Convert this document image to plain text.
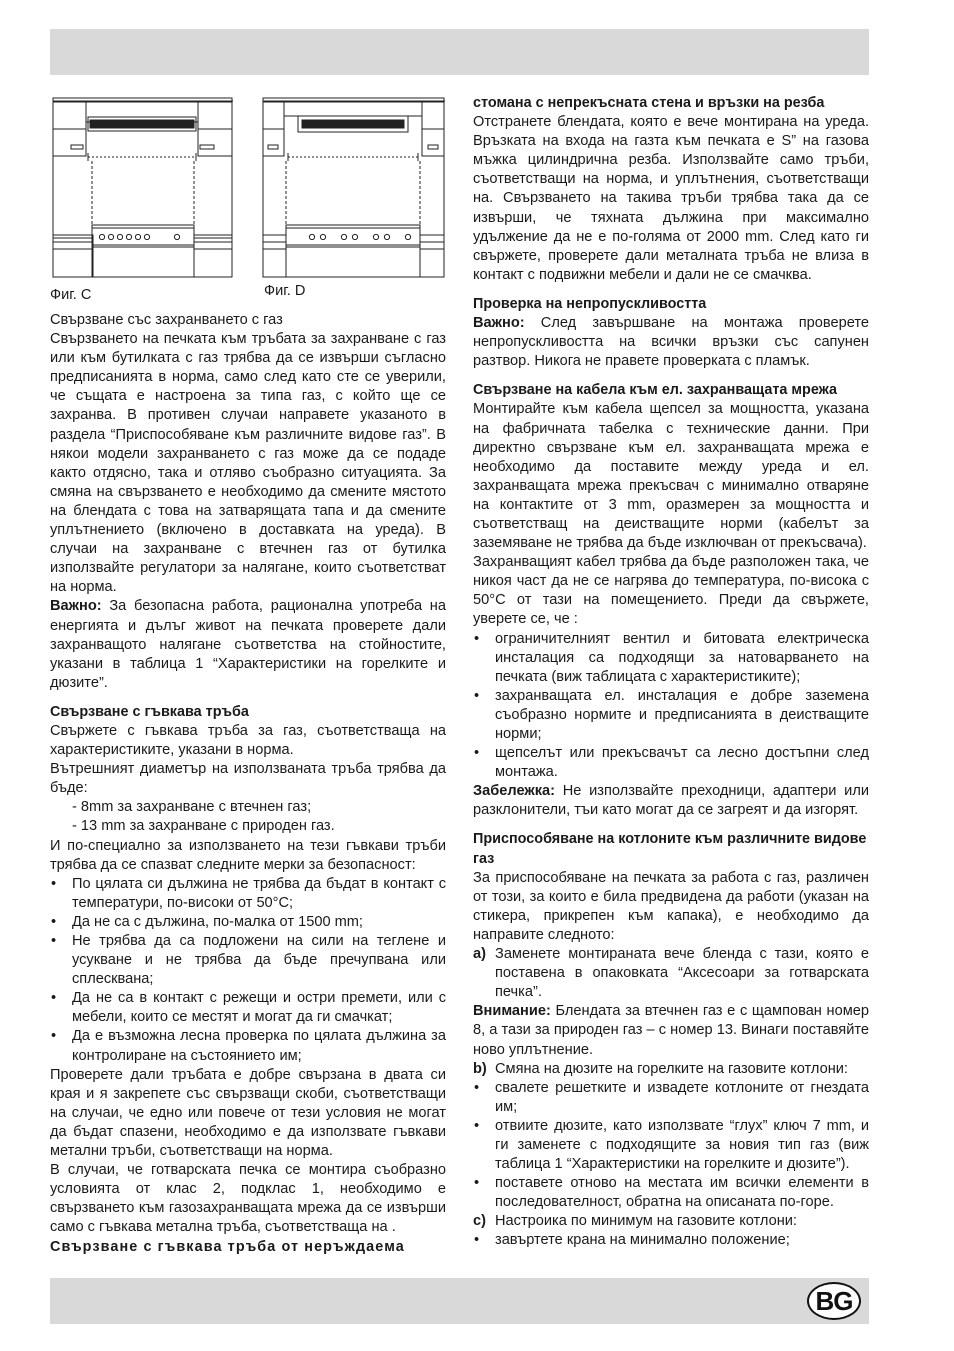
BG
Фиг. C	Фиг. D

Свързване със захранването с газ

Свързването на печката към тръбата за захранване с газ или към бутилката с газ трябва да се извърши съгласно предписанията в норма, само след като сте се уверили, че същата е настроена за типа газ, с който ще се захранва. В противен случаи направете указаното в раздела “Приспособяване към различните видове газ”. В някои модели захранването с газ може да се подаде както отдясно, така и отляво съобразно ситуацията. За смяна на свързването е необходимо да смените мястото на блендата с това на затварящата тапа и да смените уплътнението (включено в доставката на уреда). В случаи на захранване с втечнен газ от бутилка използвайте регулатори за налягане, които съответстват на норма.

Важно: За безопасна работа, рационална употреба на енергията и дълъг живот на печката проверете дали захранващото налягане съответства на стойностите, указани в таблица 1 “Характеристики на горелките и дюзите”.

Свързване с гъвкава тръба

Свържете с гъвкава тръба за газ, съответстваща на характеристиките, указани в норма.

Вътрешният диаметър на използваната тръба трябва да бъде:

- 8mm за захранване с втечнен газ;
- 13 mm за захранване с природен газ.

И по-специално за използването на тези гъвкави тръби трябва да се спазват следните мерки за безопасност:

• По цялата си дължина не трябва да бъдат в контакт с температури, по-високи от 50°C;
• Да не са с дължина, по-малка от 1500 mm;
• Не трябва да са подложени на сили на теглене и усукване и не трябва да бъде пречупвана или сплесквана;
• Да не са в контакт с режещи и остри премети, или с мебели, които се местят и могат да ги смачкат;
• Да е възможна лесна проверка по цялата дължина за контролиране на състоянието им;

Проверете дали тръбата е добре свързана в двата си края и я закрепете със свързващи скоби, съответстващи на случаи, че едно или повече от тези условия не могат да бъдат спазени, необходимо е да използвате гъвкави метални тръби, съответстващи на норма.

В случаи, че готварската печка се монтира съобразно условията от клас 2, подклас 1, необходимо е свързването към газозахранващата мрежа да се извърши само с гъвкава метална тръба, съответстваща на .

Свързване с гъвкава тръба от неръждаема
стомана с непрекъсната стена и връзки на резба

Отстранете блендата, която е вече монтирана на уреда. Връзката на входа на газта към печката е S” на газова мъжка цилиндрична резба. Използвайте само тръби, съответстващи на норма, и уплътнения, съответстващи на. Свързването на такива тръби трябва така да се извърши, че тяхната дължина при максимално удължение да не е по-голяма от 2000 mm. След като ги свържете, проверете дали металната тръба не влиза в контакт с подвижни мебели и дали не се смачква.

Проверка на непропускливостта

Важно: След завършване на монтажа проверете непропускливостта на всички връзки със сапунен разтвор. Никога не правете проверката с пламък.

Свързване на кабела към ел. захранващата мрежа

Монтирайте към кабела щепсел за мощността, указана на фабричната табелка с технические данни. При директно свързване към ел. захранващата мрежа е необходимо да поставите между уреда и ел. захранващата мрежа прекъсвач с минимално отваряне на контактите от 3 mm, оразмерен за мощността и съответстващ на деистващите норми (кабелът за заземяване не трябва да бъде изключван от прекъсвача).

Захранващият кабел трябва да бъде разположен така, че никоя част да не се нагрява до температура, по-висока с 50°C от тази на помещението. Преди да свържете, уверете се, че :

• ограничителният вентил и битовата електрическа инсталация са подходящи за натоварването на печката (виж таблицата с характеристиките);
• захранващата ел. инсталация е добре заземена съобразно нормите и предписанията в деистващите норми;
• щепселът или прекъсвачът са лесно достъпни след монтажа.

Забележка: Не използвайте преходници, адаптери или разклонители, тъи като могат да се загреят и да изгорят.

Приспособяване на котлоните към различните видове газ

За приспособяване на печката за работа с газ, различен от този, за които е била предвидена да работи (указан на стикера, прикрепен към капака), е необходимо да направите следното:

a) Заменете монтираната вече бленда с тази, която е поставена в опаковката “Аксесоари за готварската печка”.

Внимание: Блендата за втечнен газ е с щампован номер 8, а тази за природен газ – с номер 13. Винаги поставяйте ново уплътнение.

b) Смяна на дюзите на горелките на газовите котлони:
• свалете решетките и извадете котлоните от гнездата им;
• отвиите дюзите, като използвате “глух” ключ 7 mm, и ги заменете с подходящите за новия тип газ (виж таблица 1 “Характеристики на горелките и дюзите”).
• поставете отново на местата им всички елементи в последователност, обратна на описаната по-горе.
c) Настроика по минимум на газовите котлони:
• завъртете крана на минимално положение;
